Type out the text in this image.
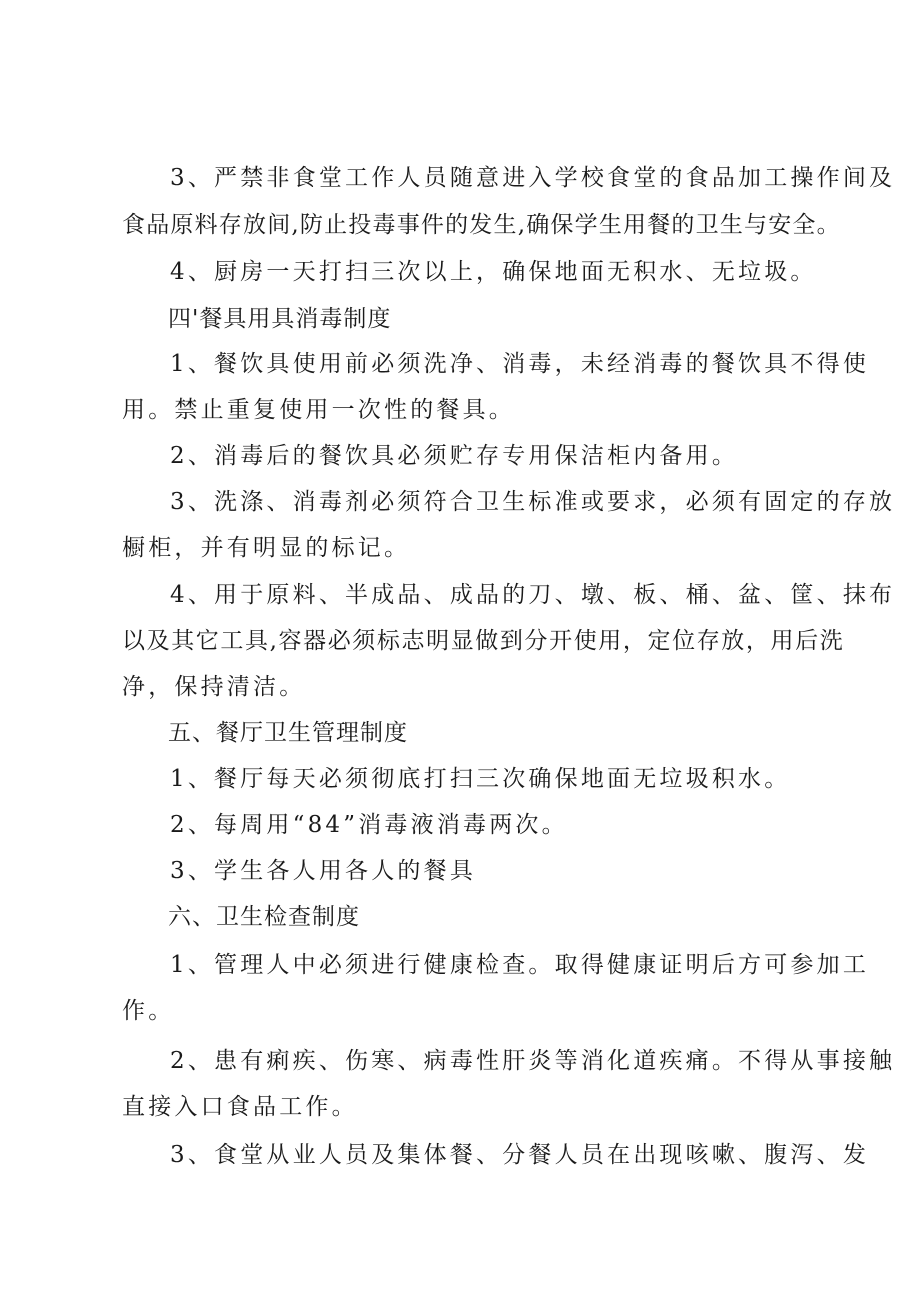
3、严禁非食堂工作人员随意进入学校食堂的食品加工操作间及
食品原料存放间,防止投毒事件的发生,确保学生用餐的卫生与安全。
4、厨房一天打扫三次以上，确保地面无积水、无垃圾。
四'餐具用具消毒制度
1、餐饮具使用前必须洗净、消毒，未经消毒的餐饮具不得使
用。禁止重复使用一次性的餐具。
2、消毒后的餐饮具必须贮存专用保洁柜内备用。
3、洗涤、消毒剂必须符合卫生标准或要求，必须有固定的存放
橱柜，并有明显的标记。
4、用于原料、半成品、成品的刀、墩、板、桶、盆、筐、抹布
以及其它工具,容器必须标志明显做到分开使用，定位存放，用后洗
净，保持清洁。
五、餐厅卫生管理制度
1、餐厅每天必须彻底打扫三次确保地面无垃圾积水。
2、每周用“84”消毒液消毒两次。
3、学生各人用各人的餐具
六、卫生检查制度
1、管理人中必须进行健康检查。取得健康证明后方可参加工
作。
2、患有痢疾、伤寒、病毒性肝炎等消化道疾痛。不得从事接触
直接入口食品工作。
3、食堂从业人员及集体餐、分餐人员在出现咳嗽、腹泻、发
